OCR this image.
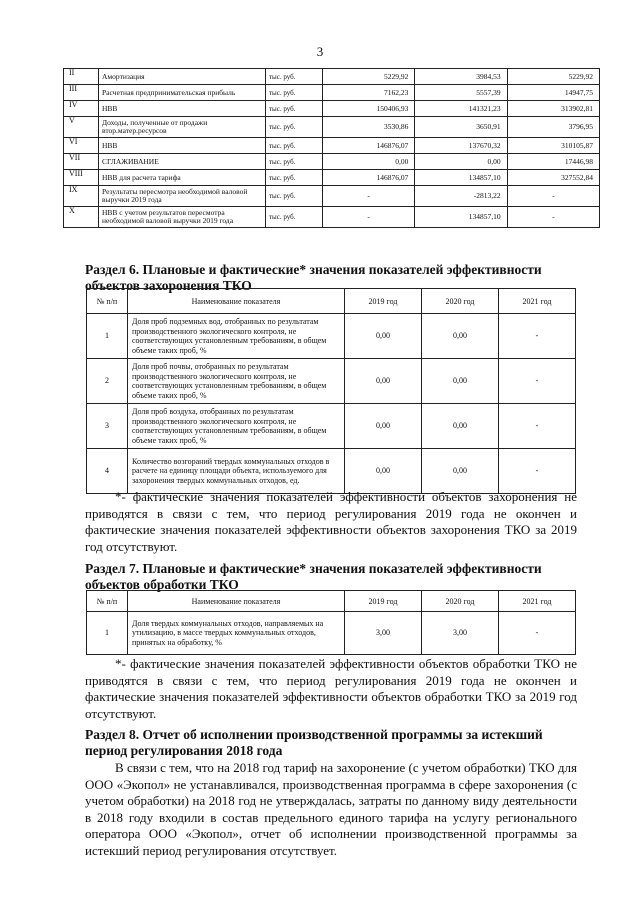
3
II	Амортизация	тыс. руб.	5229,92	3984,53	5229,92
III	Расчетная предпринимательская прибыль	тыс. руб.	7162,23	5557,39	14947,75
IV	НВВ	тыс. руб.	150406,93	141321,23	313902,81
V	Доходы, полученные от продажи втор.матер.ресурсов	тыс. руб.	3530,86	3650,91	3796,95
VI	НВВ	тыс. руб.	146876,07	137670,32	310105,87
VII	СГЛАЖИВАНИЕ	тыс. руб.	0,00	0,00	17446,98
VIII	НВВ для расчета тарифа	тыс. руб.	146876,07	134857,10	327552,84
IX	Результаты пересмотра необходимой валовой выручки 2019 года	тыс. руб.	-	-2813,22	-
X	НВВ с учетом результатов пересмотра необходимой валовой выручки 2019 года	тыс. руб.	-	134857,10	-
Раздел 6. Плановые и фактические* значения показателей эффективности объектов захоронения ТКО
№ п/п	Наименование показателя	2019 год	2020 год	2021 год
1	Доля проб подземных вод, отобранных по результатам производственного экологического контроля, не соответствующих установленным требованиям, в общем объеме таких проб, %	0,00	0,00	-
2	Доля проб почвы, отобранных по результатам производственного экологического контроля, не соответствующих установленным требованиям, в общем объеме таких проб, %	0,00	0,00	-
3	Доля проб воздуха, отобранных по результатам производственного экологического контроля, не соответствующих установленным требованиям, в общем объеме таких проб, %	0,00	0,00	-
4	Количество возгораний твердых коммунальных отходов в расчете на единицу площади объекта, используемого для захоронения твердых коммунальных отходов, ед.	0,00	0,00	-
*- фактические значения показателей эффективности объектов захоронения не приводятся в связи с тем, что период регулирования 2019 года не окончен и фактические значения показателей эффективности объектов захоронения ТКО за 2019 год отсутствуют.
Раздел 7. Плановые и фактические* значения показателей эффективности объектов обработки ТКО
№ п/п	Наименование показателя	2019 год	2020 год	2021 год
1	Доля твердых коммунальных отходов, направляемых на утилизацию, в массе твердых коммунальных отходов, принятых на обработку, %	3,00	3,00	-
*- фактические значения показателей эффективности объектов обработки ТКО не приводятся в связи с тем, что период регулирования 2019 года не окончен и фактические значения показателей эффективности объектов обработки ТКО за 2019 год отсутствуют.
Раздел 8. Отчет об исполнении производственной программы за истекший период регулирования 2018 года
В связи с тем, что на 2018 год тариф на захоронение (с учетом обработки) ТКО для ООО «Экопол» не устанавливался, производственная программа в сфере захоронения (с учетом обработки) на 2018 год не утверждалась, затраты по данному виду деятельности в 2018 году входили в состав предельного единого тарифа на услугу регионального оператора ООО «Экопол», отчет об исполнении производственной программы за истекший период регулирования отсутствует.
